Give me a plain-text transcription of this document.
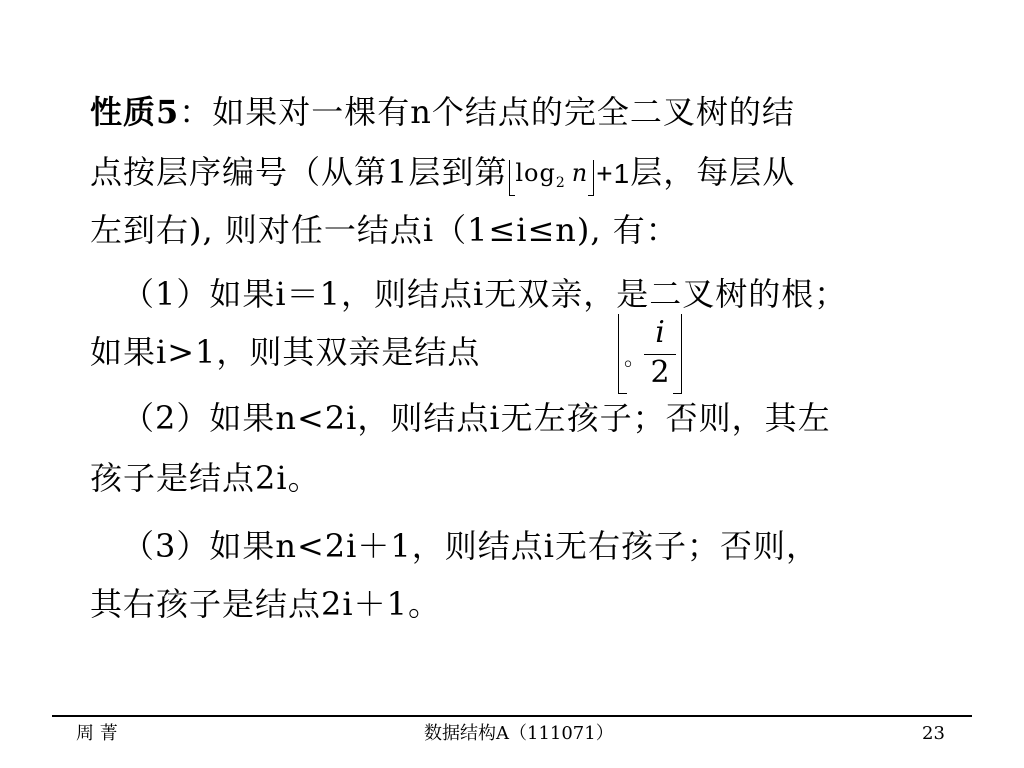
性质5：如果对一棵有n个结点的完全二叉树的结
点按层序编号（从第1层到第 $\log_2 n +1$层，每层从
左到右), 则对任一结点i（1≤i≤n), 有：
（1）如果i＝1，则结点i无双亲，是二叉树的根；
如果i>1，则其双亲是结点	。
i
2
（2）如果n<2i，则结点i无左孩子；否则，其左
孩子是结点2i。
（3）如果n<2i＋1，则结点i无右孩子；否则，
其右孩子是结点2i＋1。
周 菁	数据结构A（111071）	23
